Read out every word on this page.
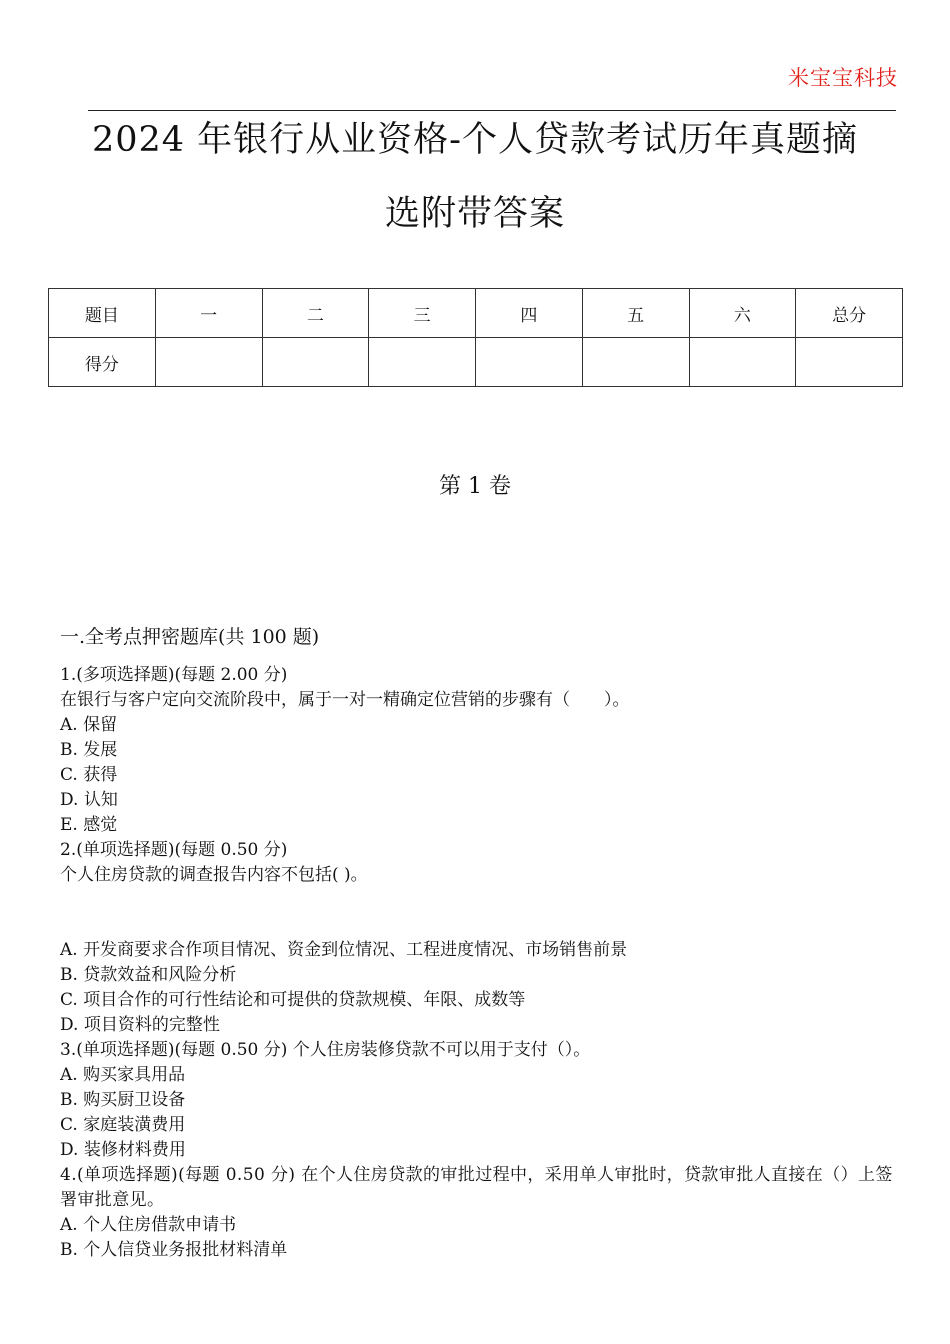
米宝宝科技
2024 年银行从业资格-个人贷款考试历年真题摘
选附带答案
题目	一	二	三	四	五	六	总分
得分							
第 1 卷
一.全考点押密题库(共 100 题)
1.(多项选择题)(每题 2.00 分)
在银行与客户定向交流阶段中，属于一对一精确定位营销的步骤有（　　）。
A. 保留
B. 发展
C. 获得
D. 认知
E. 感觉
2.(单项选择题)(每题 0.50 分)
个人住房贷款的调查报告内容不包括( )。
A. 开发商要求合作项目情况、资金到位情况、工程进度情况、市场销售前景
B. 贷款效益和风险分析
C. 项目合作的可行性结论和可提供的贷款规模、年限、成数等
D. 项目资料的完整性
3.(单项选择题)(每题 0.50 分) 个人住房装修贷款不可以用于支付（）。
A. 购买家具用品
B. 购买厨卫设备
C. 家庭装潢费用
D. 装修材料费用
4.(单项选择题)(每题 0.50 分) 在个人住房贷款的审批过程中，采用单人审批时，贷款审批人直接在（）上签署审批意见。
A. 个人住房借款申请书
B. 个人信贷业务报批材料清单
